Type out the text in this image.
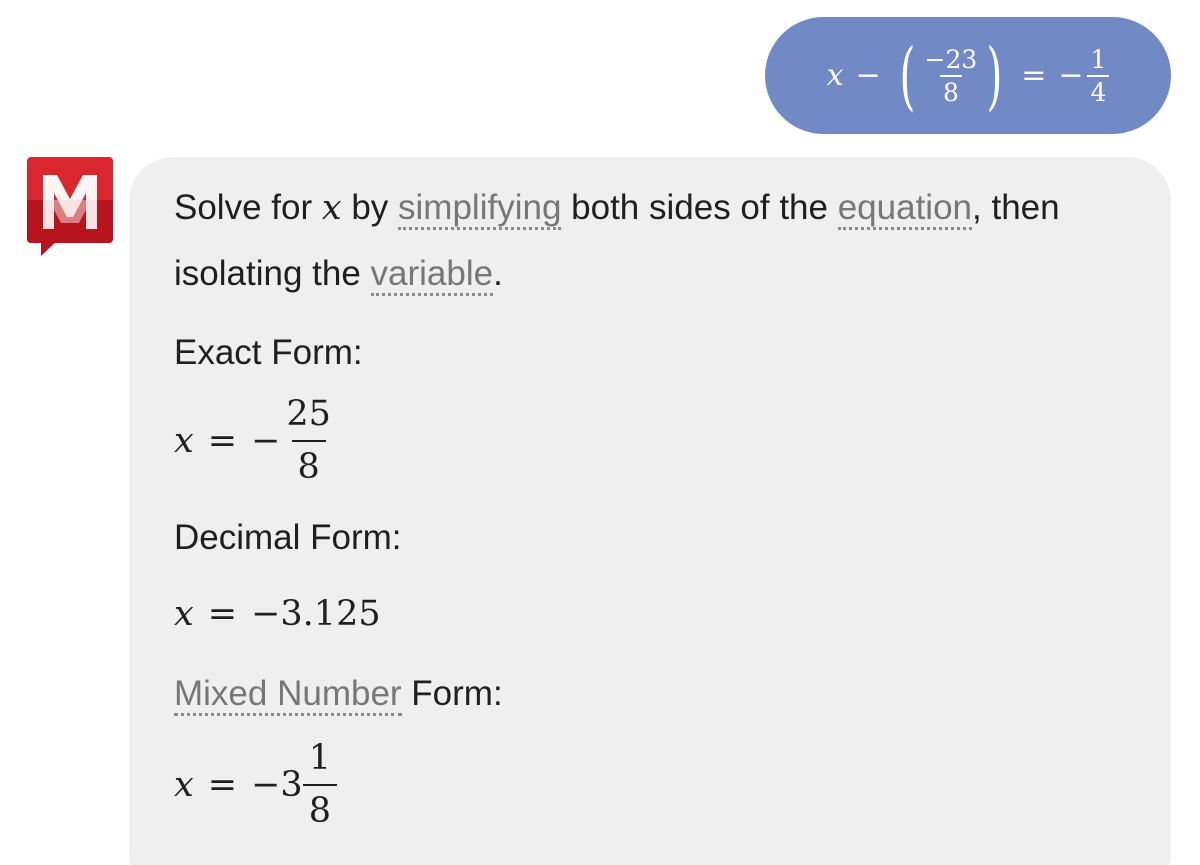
x − ( $\frac{-23}{8}$ ) = − $\frac{1}{4}$
Solve for x by simplifying both sides of the equation, then isolating the variable.
Exact Form:
x = − $\frac{25}{8}$
Decimal Form:
x = −3.125
Mixed Number Form:
$x = -3 \frac{1}{8}$
